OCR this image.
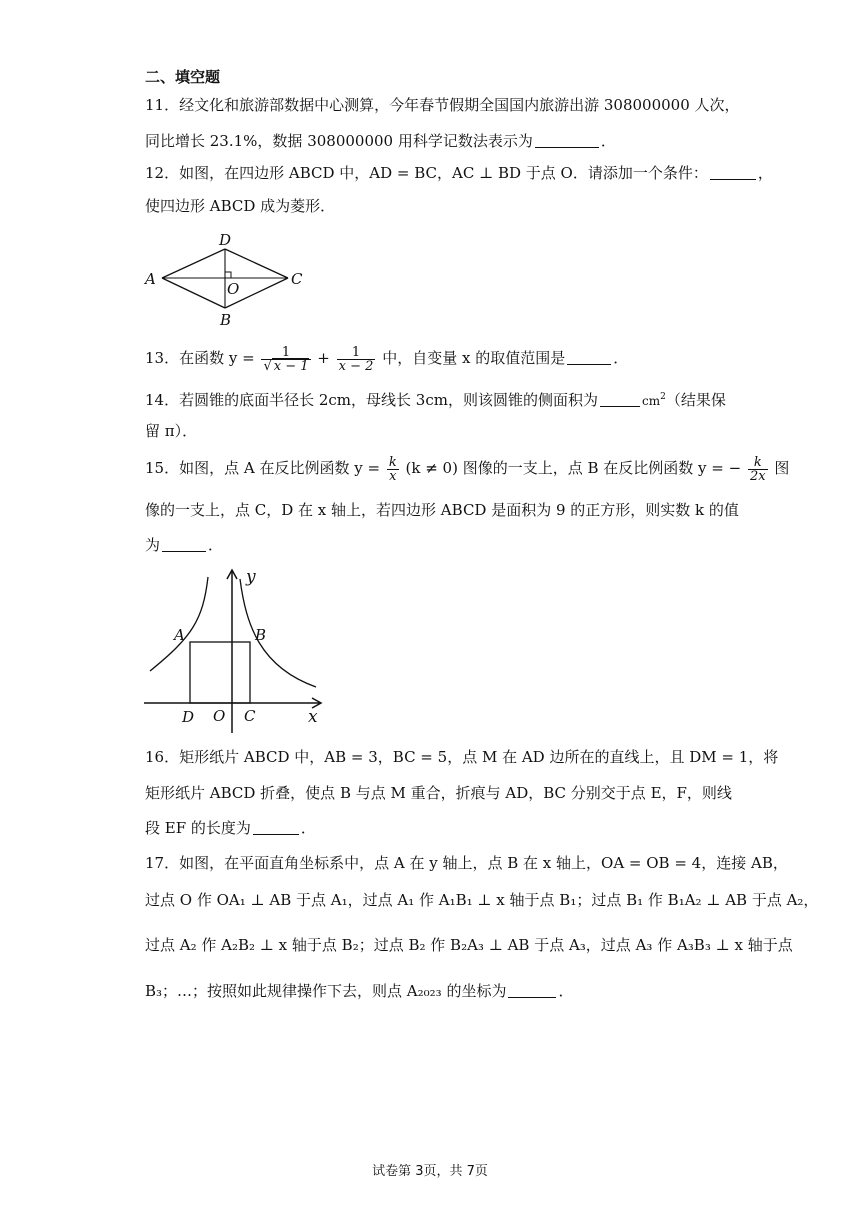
二、填空题
11．经文化和旅游部数据中心测算，今年春节假期全国国内旅游出游 308000000 人次，
同比增长 23.1%，数据 308000000 用科学记数法表示为	．
12．如图，在四边形 ABCD 中，AD = BC，AC ⊥ BD 于点 O．请添加一个条件：	，
使四边形 ABCD 成为菱形．
A
D
C
B
O
13．在函数 $y = \frac{1}{√ x - 1} + \frac{1}{x - 2}$ 中，自变量 x 的取值范围是	．
14．若圆锥的底面半径长 2cm，母线长 3cm，则该圆锥的侧面积为	$cm^2$（结果保
留 π）．
15．如图，点 A 在反比例函数 $y = \frac{k}{x} (k \ne 0)$ 图像的一支上，点 B 在反比例函数 y = − $\frac{k}{2x}$ 图
像的一支上，点 C，D 在 x 轴上，若四边形 ABCD 是面积为 9 的正方形，则实数 k 的值
为	．
y
x
A	B
D O C
16．矩形纸片 ABCD 中，AB = 3，BC = 5，点 M 在 AD 边所在的直线上，且 DM = 1，将
矩形纸片 ABCD 折叠，使点 B 与点 M 重合，折痕与 AD，BC 分别交于点 E，F，则线
段 EF 的长度为	．
17．如图，在平面直角坐标系中，点 A 在 y 轴上，点 B 在 x 轴上，OA = OB = 4，连接 AB，
过点 O 作 OA₁ ⊥ AB 于点 A₁，过点 A₁ 作 A₁B₁ ⊥ x 轴于点 B₁；过点 B₁ 作 B₁A₂ ⊥ AB 于点 A₂，
过点 A₂ 作 A₂B₂ ⊥ x 轴于点 B₂；过点 B₂ 作 B₂A₃ ⊥ AB 于点 A₃，过点 A₃ 作 A₃B₃ ⊥ x 轴于点
B₃；…；按照如此规律操作下去，则点 A₂₀₂₃ 的坐标为	．
试卷第 3页，共 7页
